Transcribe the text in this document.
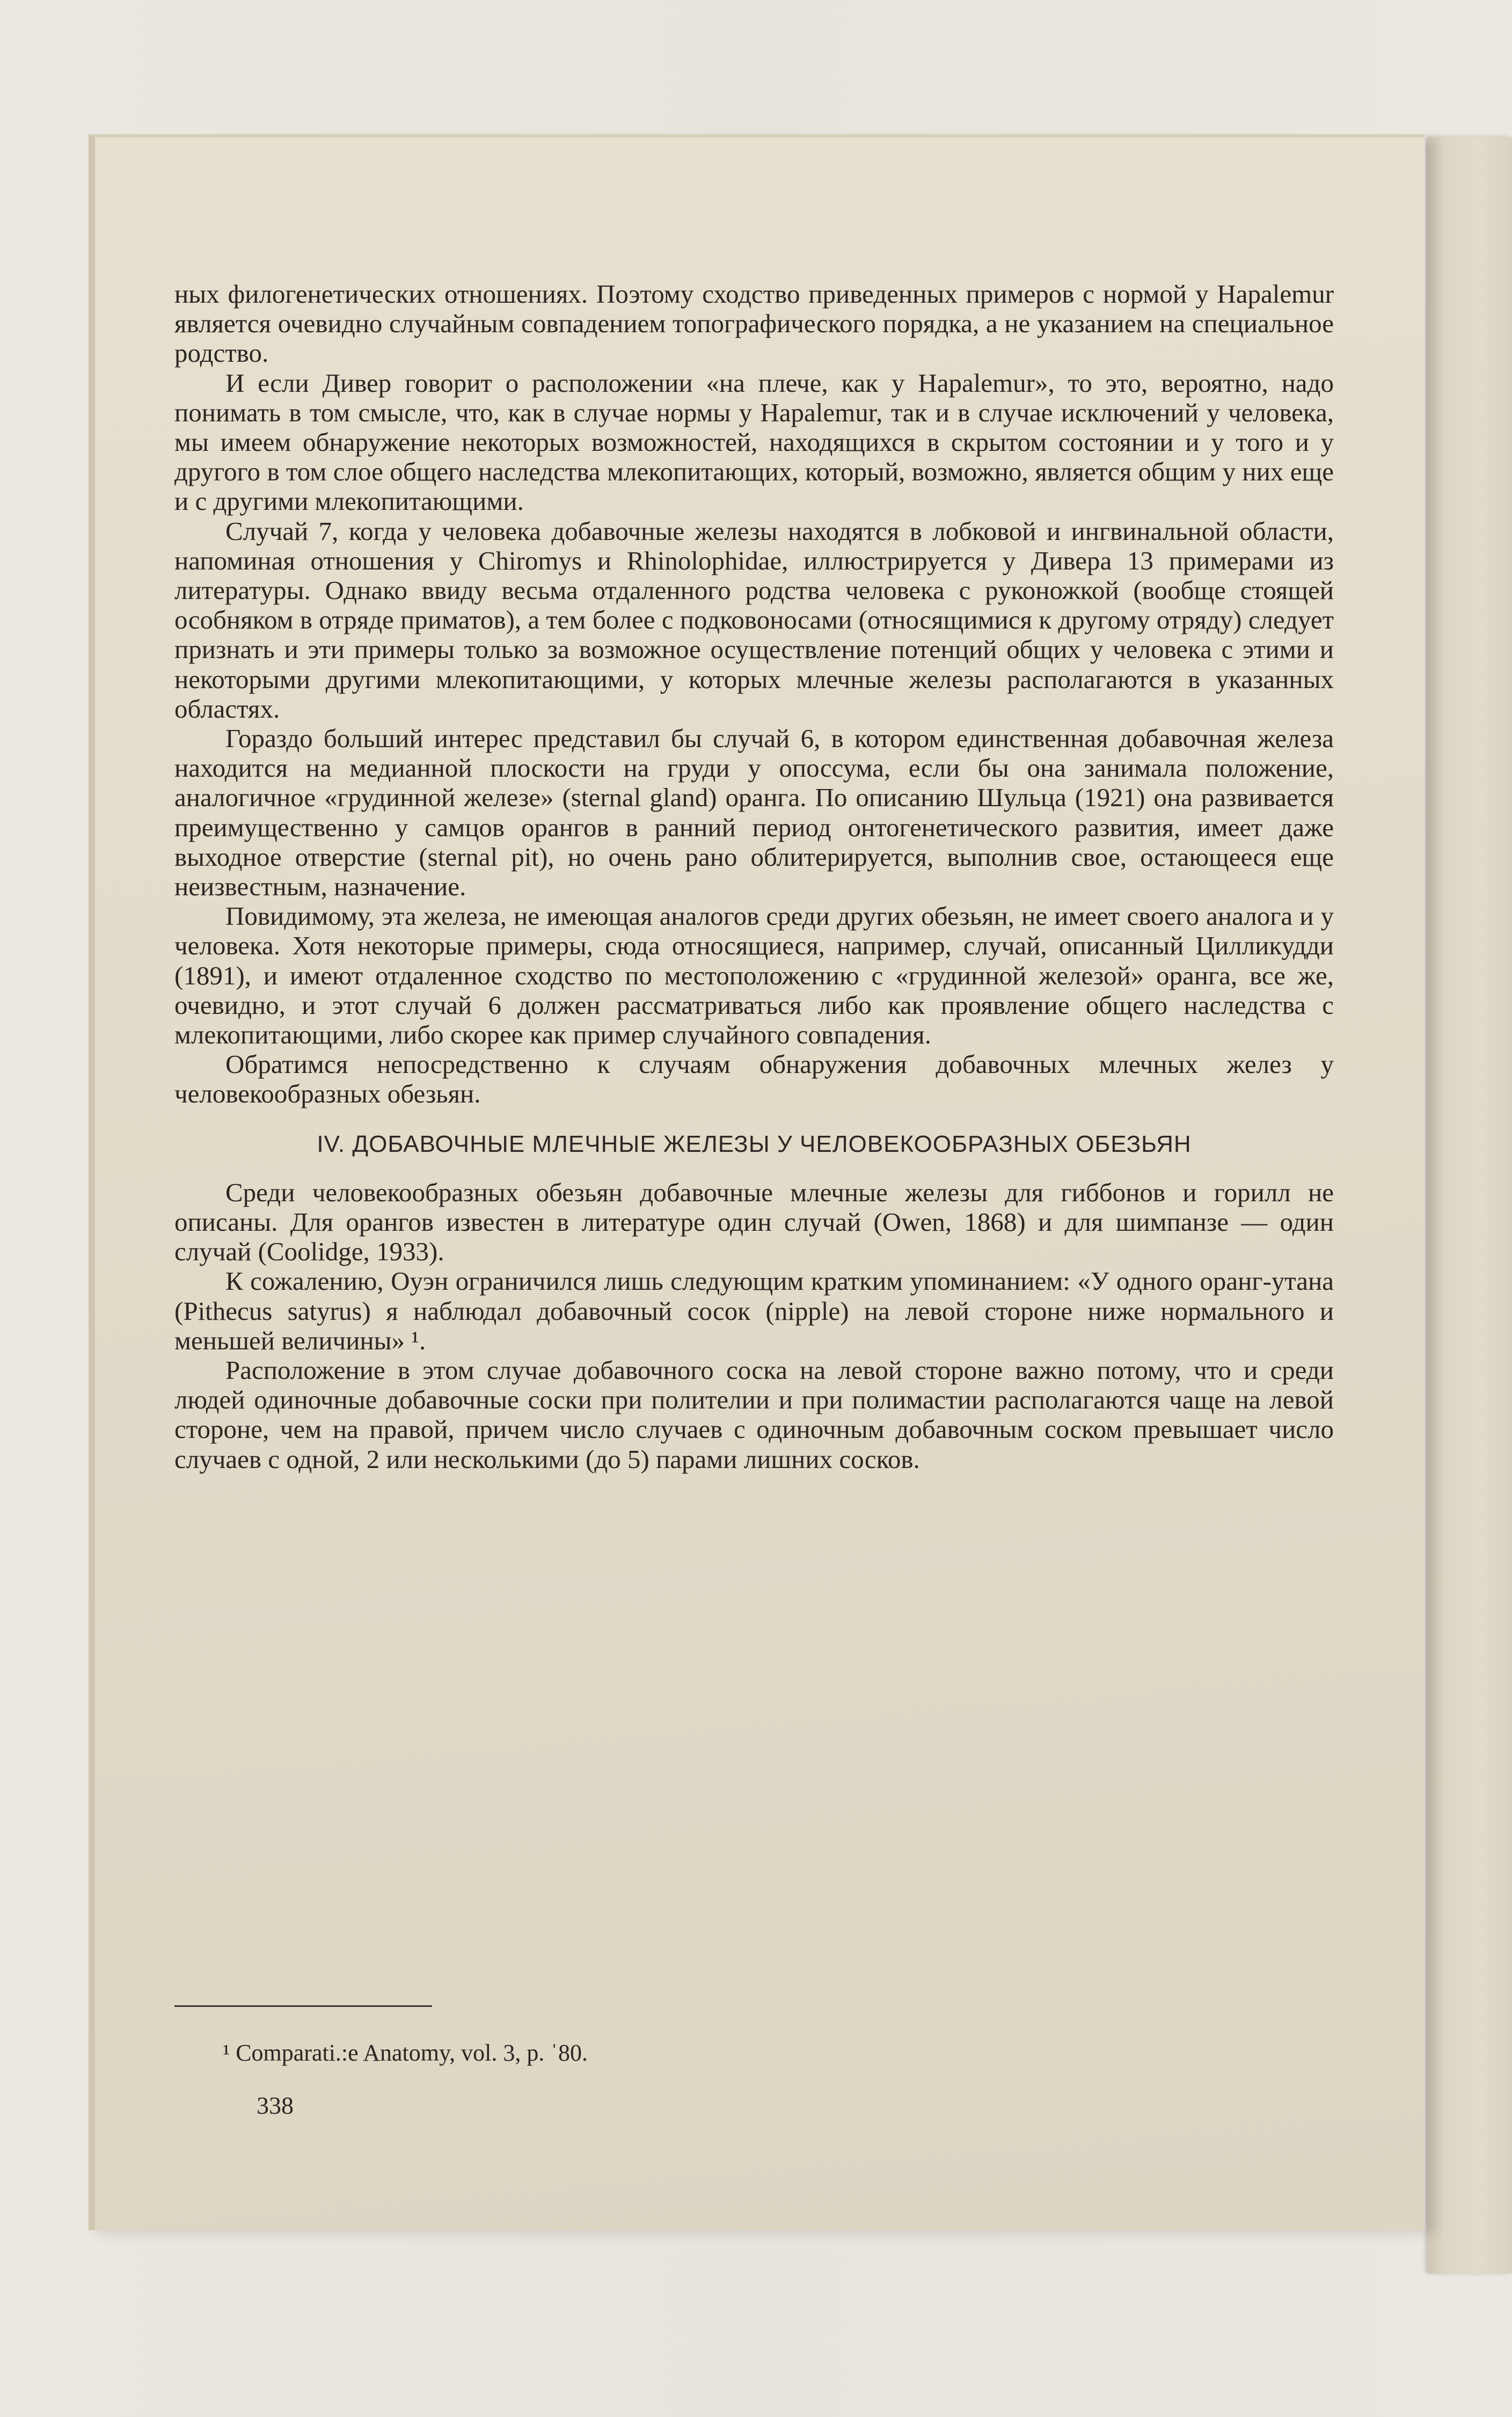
ных филогенетических отношениях. Поэтому сходство приведенных примеров с нормой у Hapalemur является очевидно случайным совпадением топографического порядка, а не указанием на специальное родство.

И если Дивер говорит о расположении «на плече, как у Hapalemur», то это, вероятно, надо понимать в том смысле, что, как в случае нормы у Hapalemur, так и в случае исключений у человека, мы имеем обнаружение некоторых возможностей, находящихся в скрытом состоянии и у того и у другого в том слое общего наследства млекопитающих, который, возможно, является общим у них еще и с другими млекопитающими.

Случай 7, когда у человека добавочные железы находятся в лобковой и ингвинальной области, напоминая отношения у Chiromys и Rhinolophidae, иллюстрируется у Дивера 13 примерами из литературы. Однако ввиду весьма отдаленного родства человека с руконожкой (вообще стоящей особняком в отряде приматов), а тем более с подковоносами (относящимися к другому отряду) следует признать и эти примеры только за возможное осуществление потенций общих у человека с этими и некоторыми другими млекопитающими, у которых млечные железы располагаются в указанных областях.

Гораздо больший интерес представил бы случай 6, в котором единственная добавочная железа находится на медианной плоскости на груди у опоссума, если бы она занимала положение, аналогичное «грудинной железе» (sternal gland) оранга. По описанию Шульца (1921) она развивается преимущественно у самцов орангов в ранний период онтогенетического развития, имеет даже выходное отверстие (sternal pit), но очень рано облитерируется, выполнив свое, остающееся еще неизвестным, назначение.

Повидимому, эта железа, не имеющая аналогов среди других обезьян, не имеет своего аналога и у человека. Хотя некоторые примеры, сюда относящиеся, например, случай, описанный Цилликудди (1891), и имеют отдаленное сходство по местоположению с «грудинной железой» оранга, все же, очевидно, и этот случай 6 должен рассматриваться либо как проявление общего наследства с млекопитающими, либо скорее как пример случайного совпадения.

Обратимся непосредственно к случаям обнаружения добавочных млечных желез у человекообразных обезьян.

IV. ДОБАВОЧНЫЕ МЛЕЧНЫЕ ЖЕЛЕЗЫ У ЧЕЛОВЕКООБРАЗНЫХ ОБЕЗЬЯН

Среди человекообразных обезьян добавочные млечные железы для гиббонов и горилл не описаны. Для орангов известен в литературе один случай (Owen, 1868) и для шимпанзе — один случай (Coolidge, 1933).

К сожалению, Оуэн ограничился лишь следующим кратким упоминанием: «У одного оранг-утана (Pithecus satyrus) я наблюдал добавочный сосок (nipple) на левой стороне ниже нормального и меньшей величины» ¹.

Расположение в этом случае добавочного соска на левой стороне важно потому, что и среди людей одиночные добавочные соски при полителии и при полимастии располагаются чаще на левой стороне, чем на правой, причем число случаев с одиночным добавочным соском превышает число случаев с одной, 2 или несколькими (до 5) парами лишних сосков.

¹ Comparati.:e Anatomy, vol. 3, p. ˈ80.
338
